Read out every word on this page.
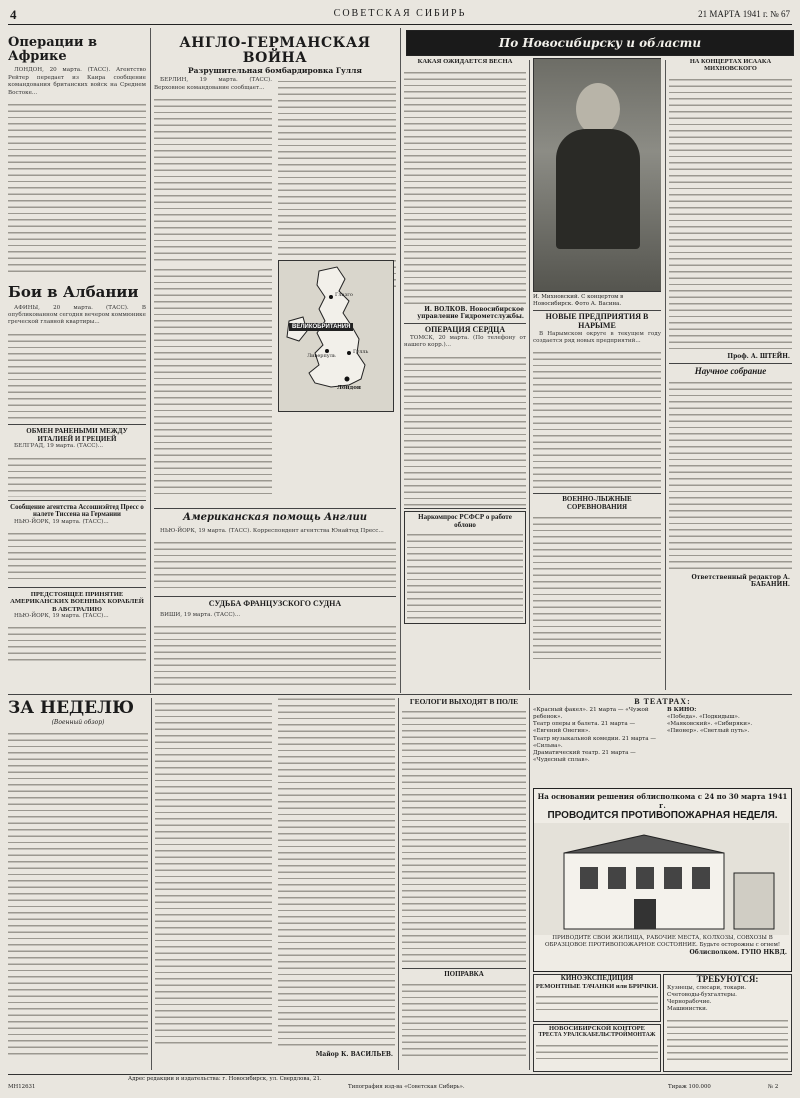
4	СОВЕТСКАЯ СИБИРЬ	21 МАРТА 1941 г. № 67
Операции в Африке

ЛОНДОН, 20 марта. (ТАСС). Агентство Рейтер передает из Каира сообщение командования британских войск на Среднем Востоке...

Бои в Албании

АФИНЫ, 20 марта. (ТАСС). В опубликованном сегодня вечером коммюнике греческой главной квартиры...

ОБМЕН РАНЕНЫМИ МЕЖДУ ИТАЛИЕЙ И ГРЕЦИЕЙ

БЕЛГРАД, 19 марта. (ТАСС)...

Сообщение агентства Ассошиэйтед Пресс о налете Тиссена на Германии

НЬЮ-ЙОРК, 19 марта. (ТАСС)...

ПРЕДСТОЯЩЕЕ ПРИНЯТИЕ АМЕРИКАНСКИХ ВОЕННЫХ КОРАБЛЕЙ В АВСТРАЛИЮ

НЬЮ-ЙОРК, 19 марта. (ТАСС)...

АНГЛО-ГЕРМАНСКАЯ ВОЙНА
Разрушительная бомбардировка Гулля

БЕРЛИН, 19 марта. (ТАСС). Верховное командование сообщает...

ВЕЛИКОБРИТАНИЯ
Глазго
Ливерпуль
Гулль
Лондон
Американская помощь Англии

НЬЮ-ЙОРК, 19 марта. (ТАСС). Корреспондент агентства Юнайтед Пресс...

СУДЬБА ФРАНЦУЗСКОГО СУДНА

ВИШИ, 19 марта. (ТАСС)...

По Новосибирску и области
КАКАЯ ОЖИДАЕТСЯ ВЕСНА
И. ВОЛКОВ. Новосибирское управление Гидрометслужбы.
ОПЕРАЦИЯ СЕРДЦА

ТОМСК, 20 марта. (По телефону от нашего корр.)...

Наркомпрос РСФСР о работе облоно
И. Михновский. С концертом в Новосибирск. Фото А. Васина.
НОВЫЕ ПРЕДПРИЯТИЯ В НАРЫМЕ

В Нарымском округе в текущем году создается ряд новых предприятий...

ВОЕННО-ЛЫЖНЫЕ СОРЕВНОВАНИЯ
НА КОНЦЕРТАХ ИСААКА МИХНОВСКОГО
Проф. А. ШТЕЙН.
Научное собрание
Ответственный редактор А. БАБАНИН.
ЗА НЕДЕЛЮ
(Военный обзор)
Майор К. ВАСИЛЬЕВ.
ГЕОЛОГИ ВЫХОДЯТ В ПОЛЕ
ПОПРАВКА
В ТЕАТРАХ:
«Красный факел». 21 марта — «Чужой ребенок».
Театр оперы и балета. 21 марта — «Евгений Онегин».
Театр музыкальной комедии. 21 марта — «Сильва».
Драматический театр. 21 марта — «Чудесный сплав».
В КИНО:
«Победа». «Подкидыш».
«Маяковский». «Сибиряки».
«Пионер». «Светлый путь».
На основании решения облисполкома с 24 по 30 марта 1941 г.
ПРОВОДИТСЯ ПРОТИВОПОЖАРНАЯ НЕДЕЛЯ.
ПРИВОДИТЕ СВОИ ЖИЛИЩА, РАБОЧИЕ МЕСТА, КОЛХОЗЫ, СОВХОЗЫ В ОБРАЗЦОВОЕ ПРОТИВОПОЖАРНОЕ СОСТОЯНИЕ. Будьте осторожны с огнем!
Облисполком. ГУПО НКВД.
КИНОЭКСПЕДИЦИЯ
РЕМОНТНЫЕ ТАЧАНКИ или БРИЧКИ.
НОВОСИБИРСКОЙ КОНТОРЕ
ТРЕСТА УРАЛСКАБЕЛЬСТРОЙМОНТАЖ
ТРЕБУЮТСЯ:
Кузнецы, слесари, токари.
Счетоводы-бухгалтеры.
Чернорабочие.
Машинистки.
МН12631
Адрес редакции и издательства: г. Новосибирск, ул. Свердлова, 21.
Типография изд-ва «Советская Сибирь».	Тираж 100.000	№ 2
